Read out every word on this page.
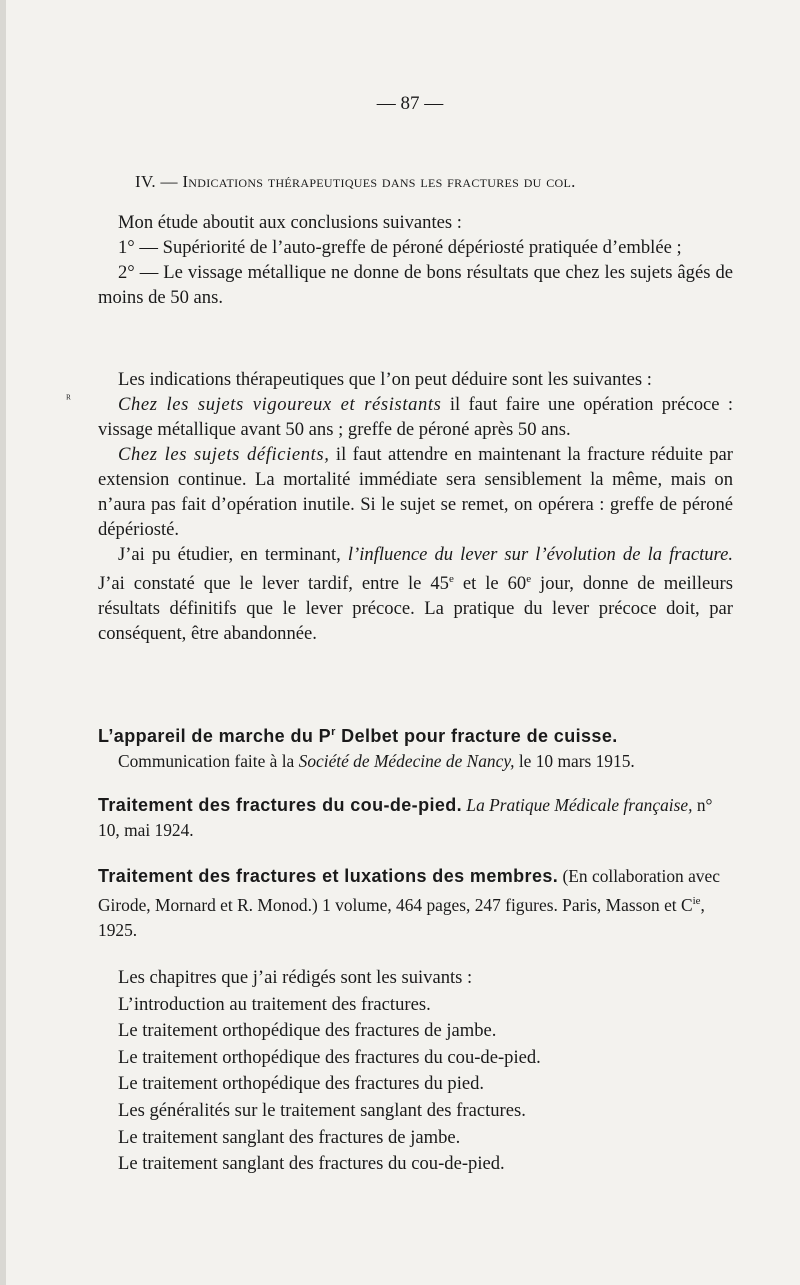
— 87 —
IV. — Indications thérapeutiques dans les fractures du col.

Mon étude aboutit aux conclusions suivantes :

1° — Supériorité de l’auto-greffe de péroné dépériosté pratiquée d’emblée ;

2° — Le vissage métallique ne donne de bons résultats que chez les sujets âgés de moins de 50 ans.

ᴿ

Les indications thérapeutiques que l’on peut déduire sont les suivantes :

Chez les sujets vigoureux et résistants il faut faire une opération précoce : vissage métallique avant 50 ans ; greffe de péroné après 50 ans.

Chez les sujets déficients, il faut attendre en maintenant la fracture réduite par extension continue. La mortalité immédiate sera sensiblement la même, mais on n’aura pas fait d’opération inutile. Si le sujet se remet, on opérera : greffe de péroné dépériosté.

J’ai pu étudier, en terminant, l’influence du lever sur l’évolution de la fracture. J’ai constaté que le lever tardif, entre le 45e et le 60e jour, donne de meilleurs résultats définitifs que le lever précoce. La pratique du lever précoce doit, par conséquent, être abandonnée.

L’appareil de marche du $P^r$ Delbet pour fracture de cuisse.
Communication faite à la Société de Médecine de Nancy, le 10 mars 1915.
Traitement des fractures du cou-de-pied. La Pratique Médicale française, n° 10, mai 1924.
Traitement des fractures et luxations des membres. (En collaboration avec Girode, Mornard et R. Monod.) 1 volume, 464 pages, 247 figures. Paris, Masson et $C^{ie}$, 1925.
Les chapitres que j’ai rédigés sont les suivants :
L’introduction au traitement des fractures.
Le traitement orthopédique des fractures de jambe.
Le traitement orthopédique des fractures du cou-de-pied.
Le traitement orthopédique des fractures du pied.
Les généralités sur le traitement sanglant des fractures.
Le traitement sanglant des fractures de jambe.
Le traitement sanglant des fractures du cou-de-pied.
